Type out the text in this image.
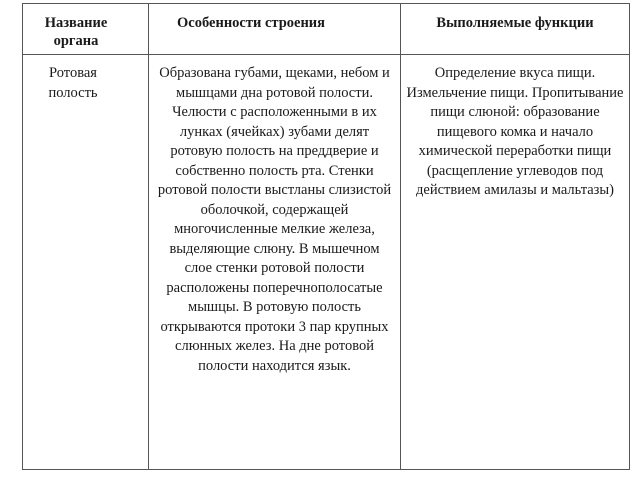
Название органа	Особенности строения	Выполняемые функции

Ротовая полость	Образована губами, щеками, небом и мышцами дна ротовой полости. Челюсти с расположенными в их лунках (ячейках) зубами делят ротовую полость на преддверие и собственно полость рта. Стенки ротовой полости выстланы слизистой оболочкой, содержащей многочисленные мелкие железа, выделяющие слюну. В мышечном слое стенки ротовой полости расположены поперечнополосатые мышцы. В ротовую полость открываются протоки 3 пар крупных слюнных желез. На дне ротовой полости находится язык.	Определение вкуса пищи. Измельчение пищи. Пропитывание пищи слюной: образование пищевого комка и начало химической переработки пищи (расщепление углеводов под действием амилазы и мальтазы)
